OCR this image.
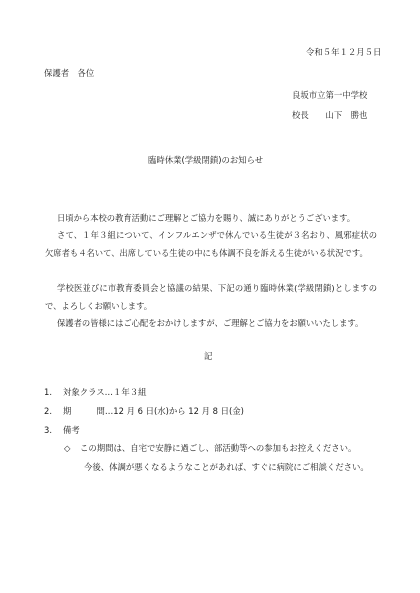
令和５年１２月５日
保護者　各位
良坂市立第一中学校
校長　　山下　勝也
臨時休業(学級閉鎖)のお知らせ
日頃から本校の教育活動にご理解とご協力を賜り、誠にありがとうございます。
さて、１年３組について、インフルエンザで休んでいる生徒が３名おり、風邪症状の欠席者も４名いて、出席している生徒の中にも体調不良を訴える生徒がいる状況です。
学校医並びに市教育委員会と協議の結果、下記の通り臨時休業(学級閉鎖)としますので、よろしくお願いします。
保護者の皆様にはご心配をおかけしますが、ご理解とご協力をお願いいたします。
記
1. 対象クラス…１年３組
2. 期　　　間…12 月 6 日(水)から 12 月 8 日(金)
3. 備考
◇ この期間は、自宅で安静に過ごし、部活動等への参加もお控えください。
今後、体調が悪くなるようなことがあれば、すぐに病院にご相談ください。
